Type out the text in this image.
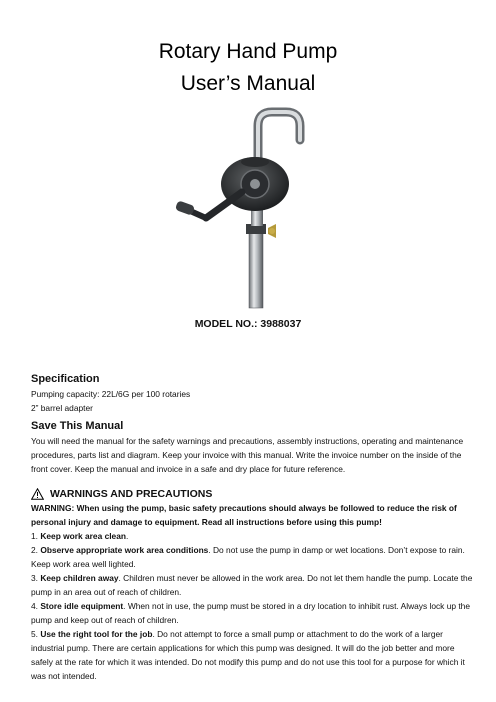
Rotary Hand Pump
User’s Manual
MODEL NO.: 3988037
Specification
Pumping capacity: 22L/6G per 100 rotaries
2” barrel adapter
Save This Manual
You will need the manual for the safety warnings and precautions, assembly instructions, operating and maintenance procedures, parts list and diagram. Keep your invoice with this manual. Write the invoice number on the inside of the front cover. Keep the manual and invoice in a safe and dry place for future reference.
WARNINGS AND PRECAUTIONS

WARNING: When using the pump, basic safety precautions should always be followed to reduce the risk of personal injury and damage to equipment. Read all instructions before using this pump!

1. Keep work area clean.

2. Observe appropriate work area conditions. Do not use the pump in damp or wet locations. Don’t expose to rain. Keep work area well lighted.

3. Keep children away. Children must never be allowed in the work area. Do not let them handle the pump. Locate the pump in an area out of reach of children.

4. Store idle equipment. When not in use, the pump must be stored in a dry location to inhibit rust. Always lock up the pump and keep out of reach of children.

5. Use the right tool for the job. Do not attempt to force a small pump or attachment to do the work of a larger industrial pump. There are certain applications for which this pump was designed. It will do the job better and more safely at the rate for which it was intended. Do not modify this pump and do not use this tool for a purpose for which it was not intended.
